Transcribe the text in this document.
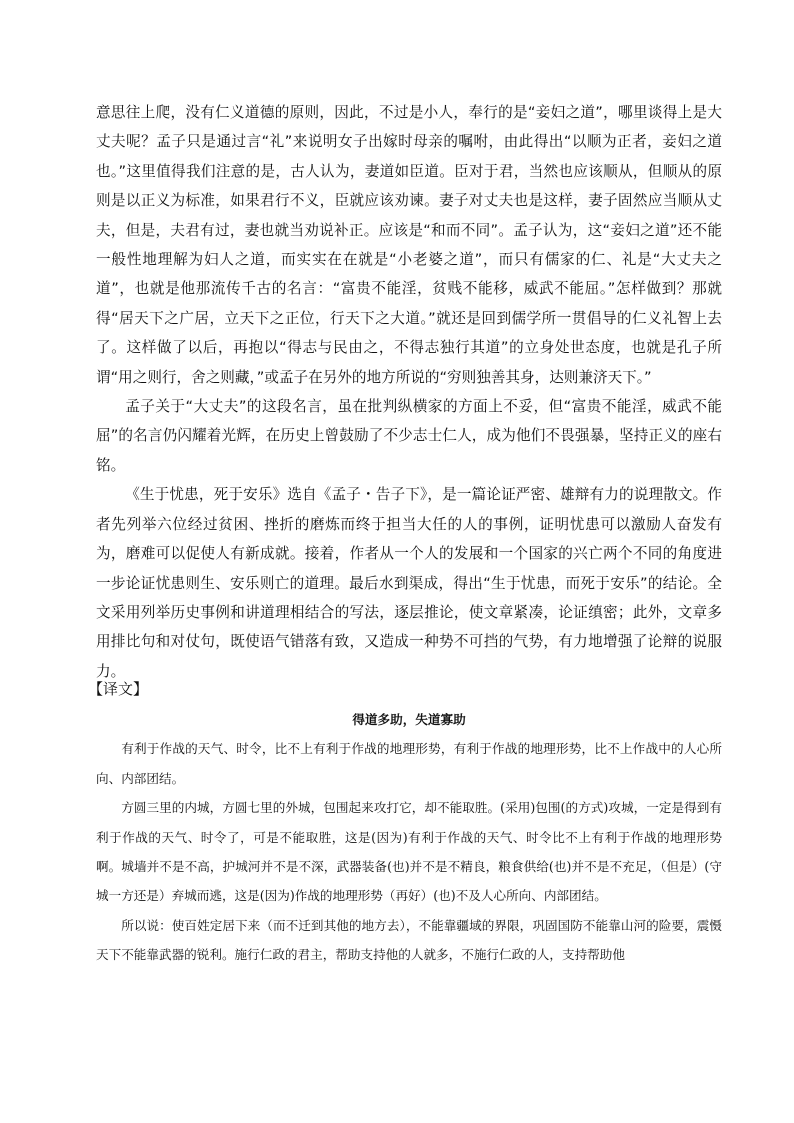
意思往上爬，没有仁义道德的原则，因此，不过是小人，奉行的是“妾妇之道”，哪里谈得上是大丈夫呢？孟子只是通过言“礼”来说明女子出嫁时母亲的嘱咐，由此得出“以顺为正者，妾妇之道也。”这里值得我们注意的是，古人认为，妻道如臣道。臣对于君，当然也应该顺从，但顺从的原则是以正义为标准，如果君行不义，臣就应该劝谏。妻子对丈夫也是这样，妻子固然应当顺从丈夫，但是，夫君有过，妻也就当劝说补正。应该是“和而不同”。孟子认为，这“妾妇之道”还不能一般性地理解为妇人之道，而实实在在就是“小老婆之道”，而只有儒家的仁、礼是“大丈夫之道”，也就是他那流传千古的名言：“富贵不能淫，贫贱不能移，威武不能屈。”怎样做到？那就得“居天下之广居，立天下之正位，行天下之大道。”就还是回到儒学所一贯倡导的仁义礼智上去了。这样做了以后，再抱以“得志与民由之，不得志独行其道”的立身处世态度，也就是孔子所谓“用之则行，舍之则藏，”或孟子在另外的地方所说的“穷则独善其身，达则兼济天下。”

孟子关于“大丈夫”的这段名言，虽在批判纵横家的方面上不妥，但“富贵不能淫，威武不能屈”的名言仍闪耀着光辉，在历史上曾鼓励了不少志士仁人，成为他们不畏强暴，坚持正义的座右铭。

《生于忧患，死于安乐》选自《孟子・告子下》，是一篇论证严密、雄辩有力的说理散文。作者先列举六位经过贫困、挫折的磨炼而终于担当大任的人的事例，证明忧患可以激励人奋发有为，磨难可以促使人有新成就。接着，作者从一个人的发展和一个国家的兴亡两个不同的角度进一步论证忧患则生、安乐则亡的道理。最后水到渠成，得出“生于忧患，而死于安乐”的结论。全文采用列举历史事例和讲道理相结合的写法，逐层推论，使文章紧凑，论证缜密；此外，文章多用排比句和对仗句，既使语气错落有致，又造成一种势不可挡的气势，有力地增强了论辩的说服力。

【译文】

得道多助，失道寡助

有利于作战的天气、时令，比不上有利于作战的地理形势，有利于作战的地理形势，比不上作战中的人心所向、内部团结。

方圆三里的内城，方圆七里的外城，包围起来攻打它，却不能取胜。(采用)包围(的方式)攻城，一定是得到有利于作战的天气、时令了，可是不能取胜，这是(因为)有利于作战的天气、时令比不上有利于作战的地理形势啊。城墙并不是不高，护城河并不是不深，武器装备(也)并不是不精良，粮食供给(也)并不是不充足，（但是）(守城一方还是）弃城而逃，这是(因为)作战的地理形势（再好）(也)不及人心所向、内部团结。

所以说：使百姓定居下来（而不迁到其他的地方去），不能靠疆域的界限，巩固国防不能靠山河的险要，震慑天下不能靠武器的锐利。施行仁政的君主，帮助支持他的人就多，不施行仁政的人，支持帮助他
